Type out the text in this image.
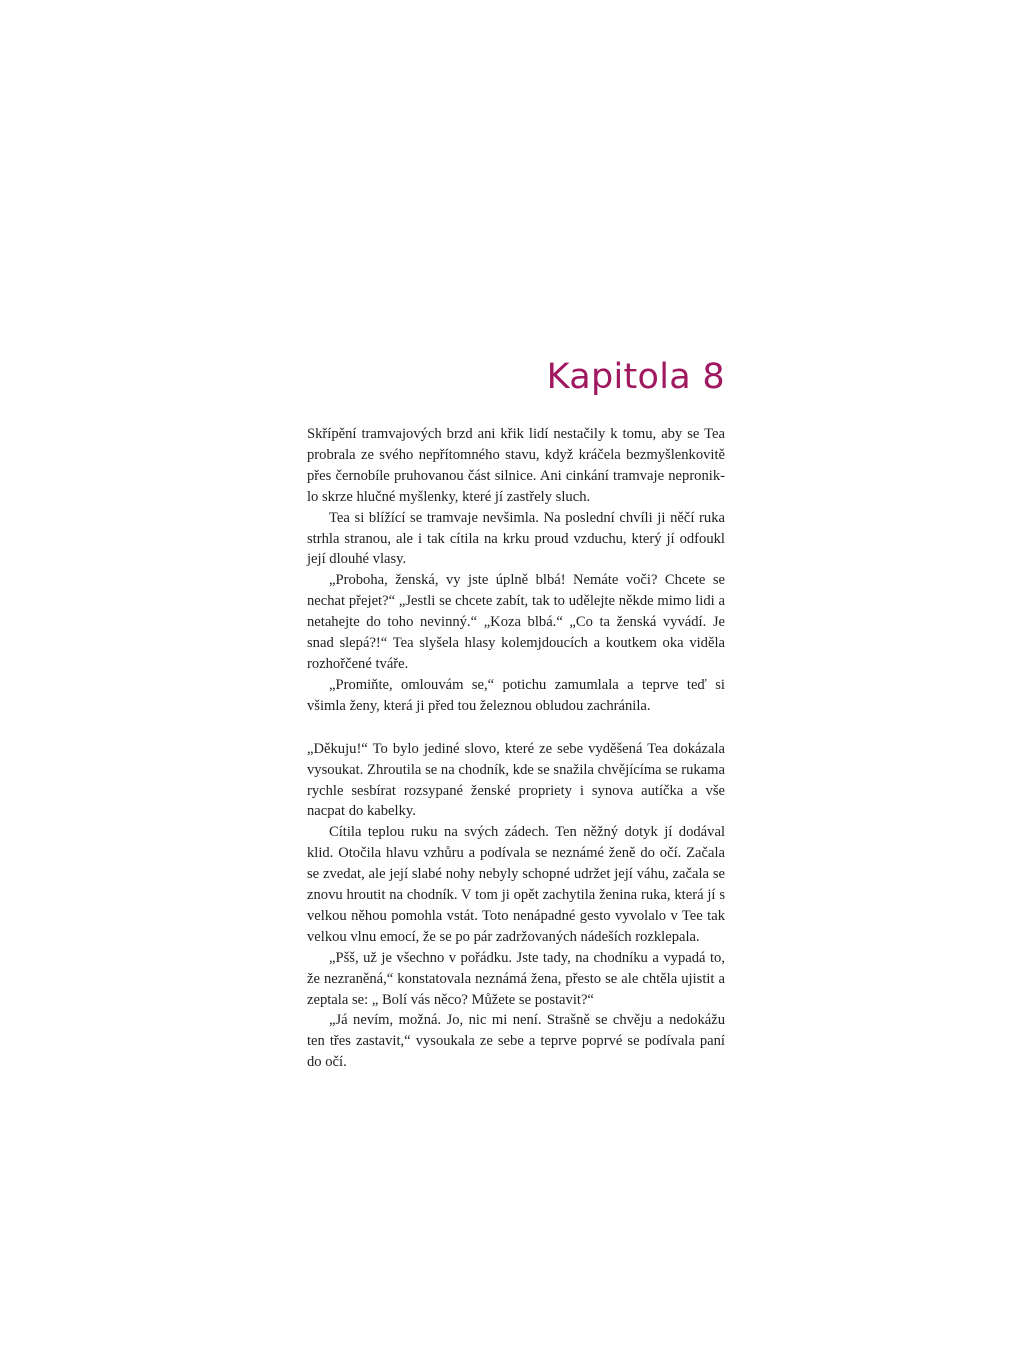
Kapitola 8

Skřípění tramvajových brzd ani křik lidí nestačily k tomu, aby se Tea probrala ze svého nepřítomného stavu, když kráčela bezmyšlenkovitě přes černobíle pruhovanou část silnice. Ani cinkání tramvaje neproniklo skrze hlučné myšlenky, které jí zastřely sluch.

Tea si blížící se tramvaje nevšimla. Na poslední chvíli ji něčí ruka strhla stranou, ale i tak cítila na krku proud vzduchu, který jí odfoukl její dlouhé vlasy.

„Proboha, ženská, vy jste úplně blbá! Nemáte voči? Chcete se nechat přejet?“ „Jestli se chcete zabít, tak to udělejte někde mimo lidi a netahejte do toho nevinný.“ „Koza blbá.“ „Co ta ženská vyvádí. Je snad slepá?!“ Tea slyšela hlasy kolemjdoucích a koutkem oka viděla rozhořčené tváře.

„Promiňte, omlouvám se,“ potichu zamumlala a teprve teď si všimla ženy, která ji před tou železnou obludou zachránila.

„Děkuju!“ To bylo jediné slovo, které ze sebe vyděšená Tea dokázala vysoukat. Zhroutila se na chodník, kde se snažila chvějícíma se rukama rychle sesbírat rozsypané ženské propriety i synova autíčka a vše nacpat do kabelky.

Cítila teplou ruku na svých zádech. Ten něžný dotyk jí dodával klid. Otočila hlavu vzhůru a podívala se neznámé ženě do očí. Začala se zvedat, ale její slabé nohy nebyly schopné udržet její váhu, začala se znovu hroutit na chodník. V tom ji opět zachytila ženina ruka, která jí s velkou něhou pomohla vstát. Toto nenápadné gesto vyvolalo v Tee tak velkou vlnu emocí, že se po pár zadržovaných nádeších rozklepala.

„Pšš, už je všechno v pořádku. Jste tady, na chodníku a vypadá to, že nezraněná,“ konstatovala neznámá žena, přesto se ale chtěla ujistit a zeptala se: „ Bolí vás něco? Můžete se postavit?“

„Já nevím, možná. Jo, nic mi není. Strašně se chvěju a nedokážu ten třes zastavit,“ vysoukala ze sebe a teprve poprvé se podívala paní do očí.
